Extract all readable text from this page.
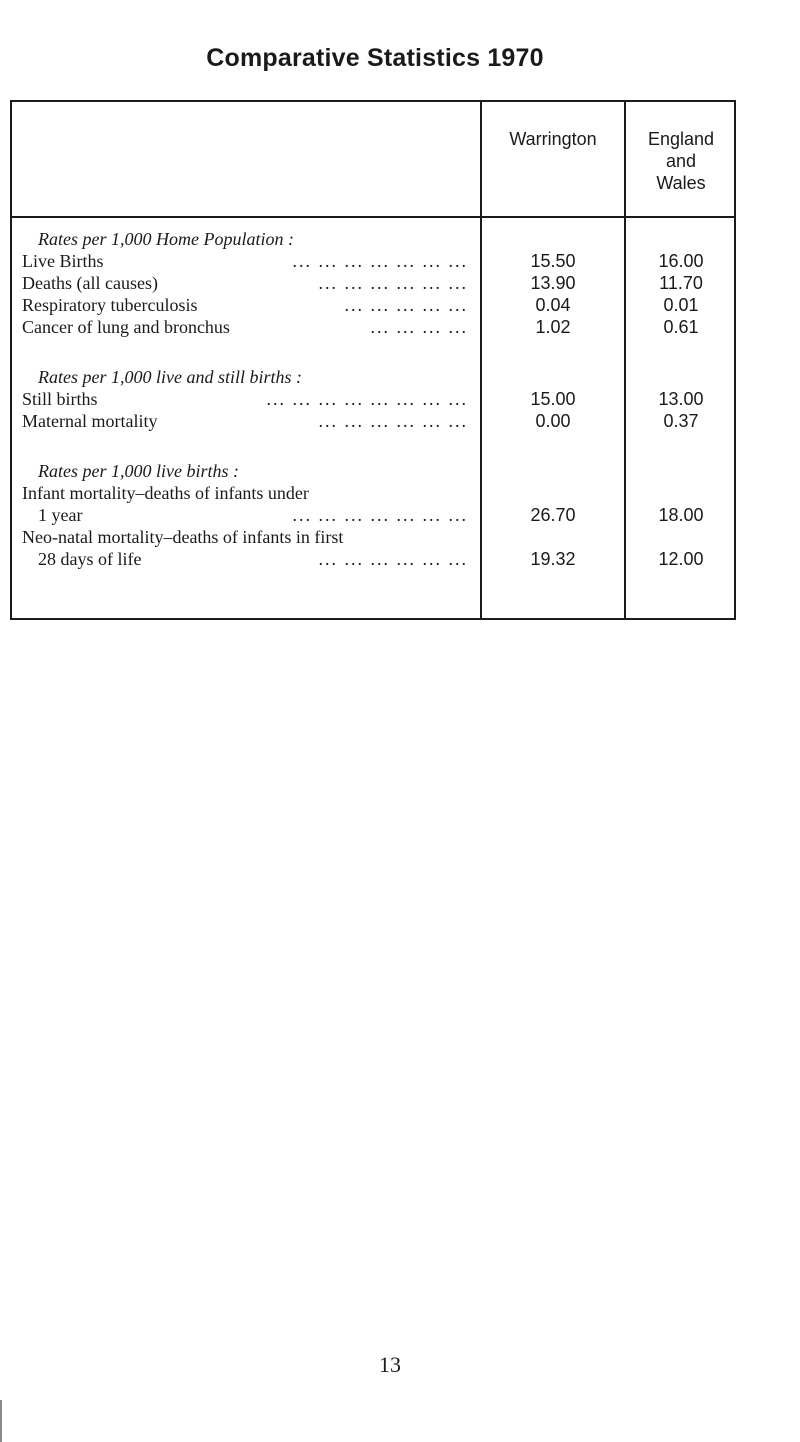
Comparative Statistics 1970
Warrington	England
and
Wales
Rates per 1,000 Home Population :
Live Births	... ... ... ... ... ... ...	15.50	16.00
Deaths (all causes)	... ... ... ... ... ...	13.90	11.70
Respiratory tuberculosis	... ... ... ... ...	0.04	0.01
Cancer of lung and bronchus	... ... ... ...	1.02	0.61
Rates per 1,000 live and still births :
Still births	... ... ... ... ... ... ... ...	15.00	13.00
Maternal mortality	... ... ... ... ... ...	0.00	0.37
Rates per 1,000 live births :
Infant mortality–deaths of infants under
1 year	... ... ... ... ... ... ...	26.70	18.00
Neo-natal mortality–deaths of infants in first
28 days of life	... ... ... ... ... ...	19.32	12.00
13
